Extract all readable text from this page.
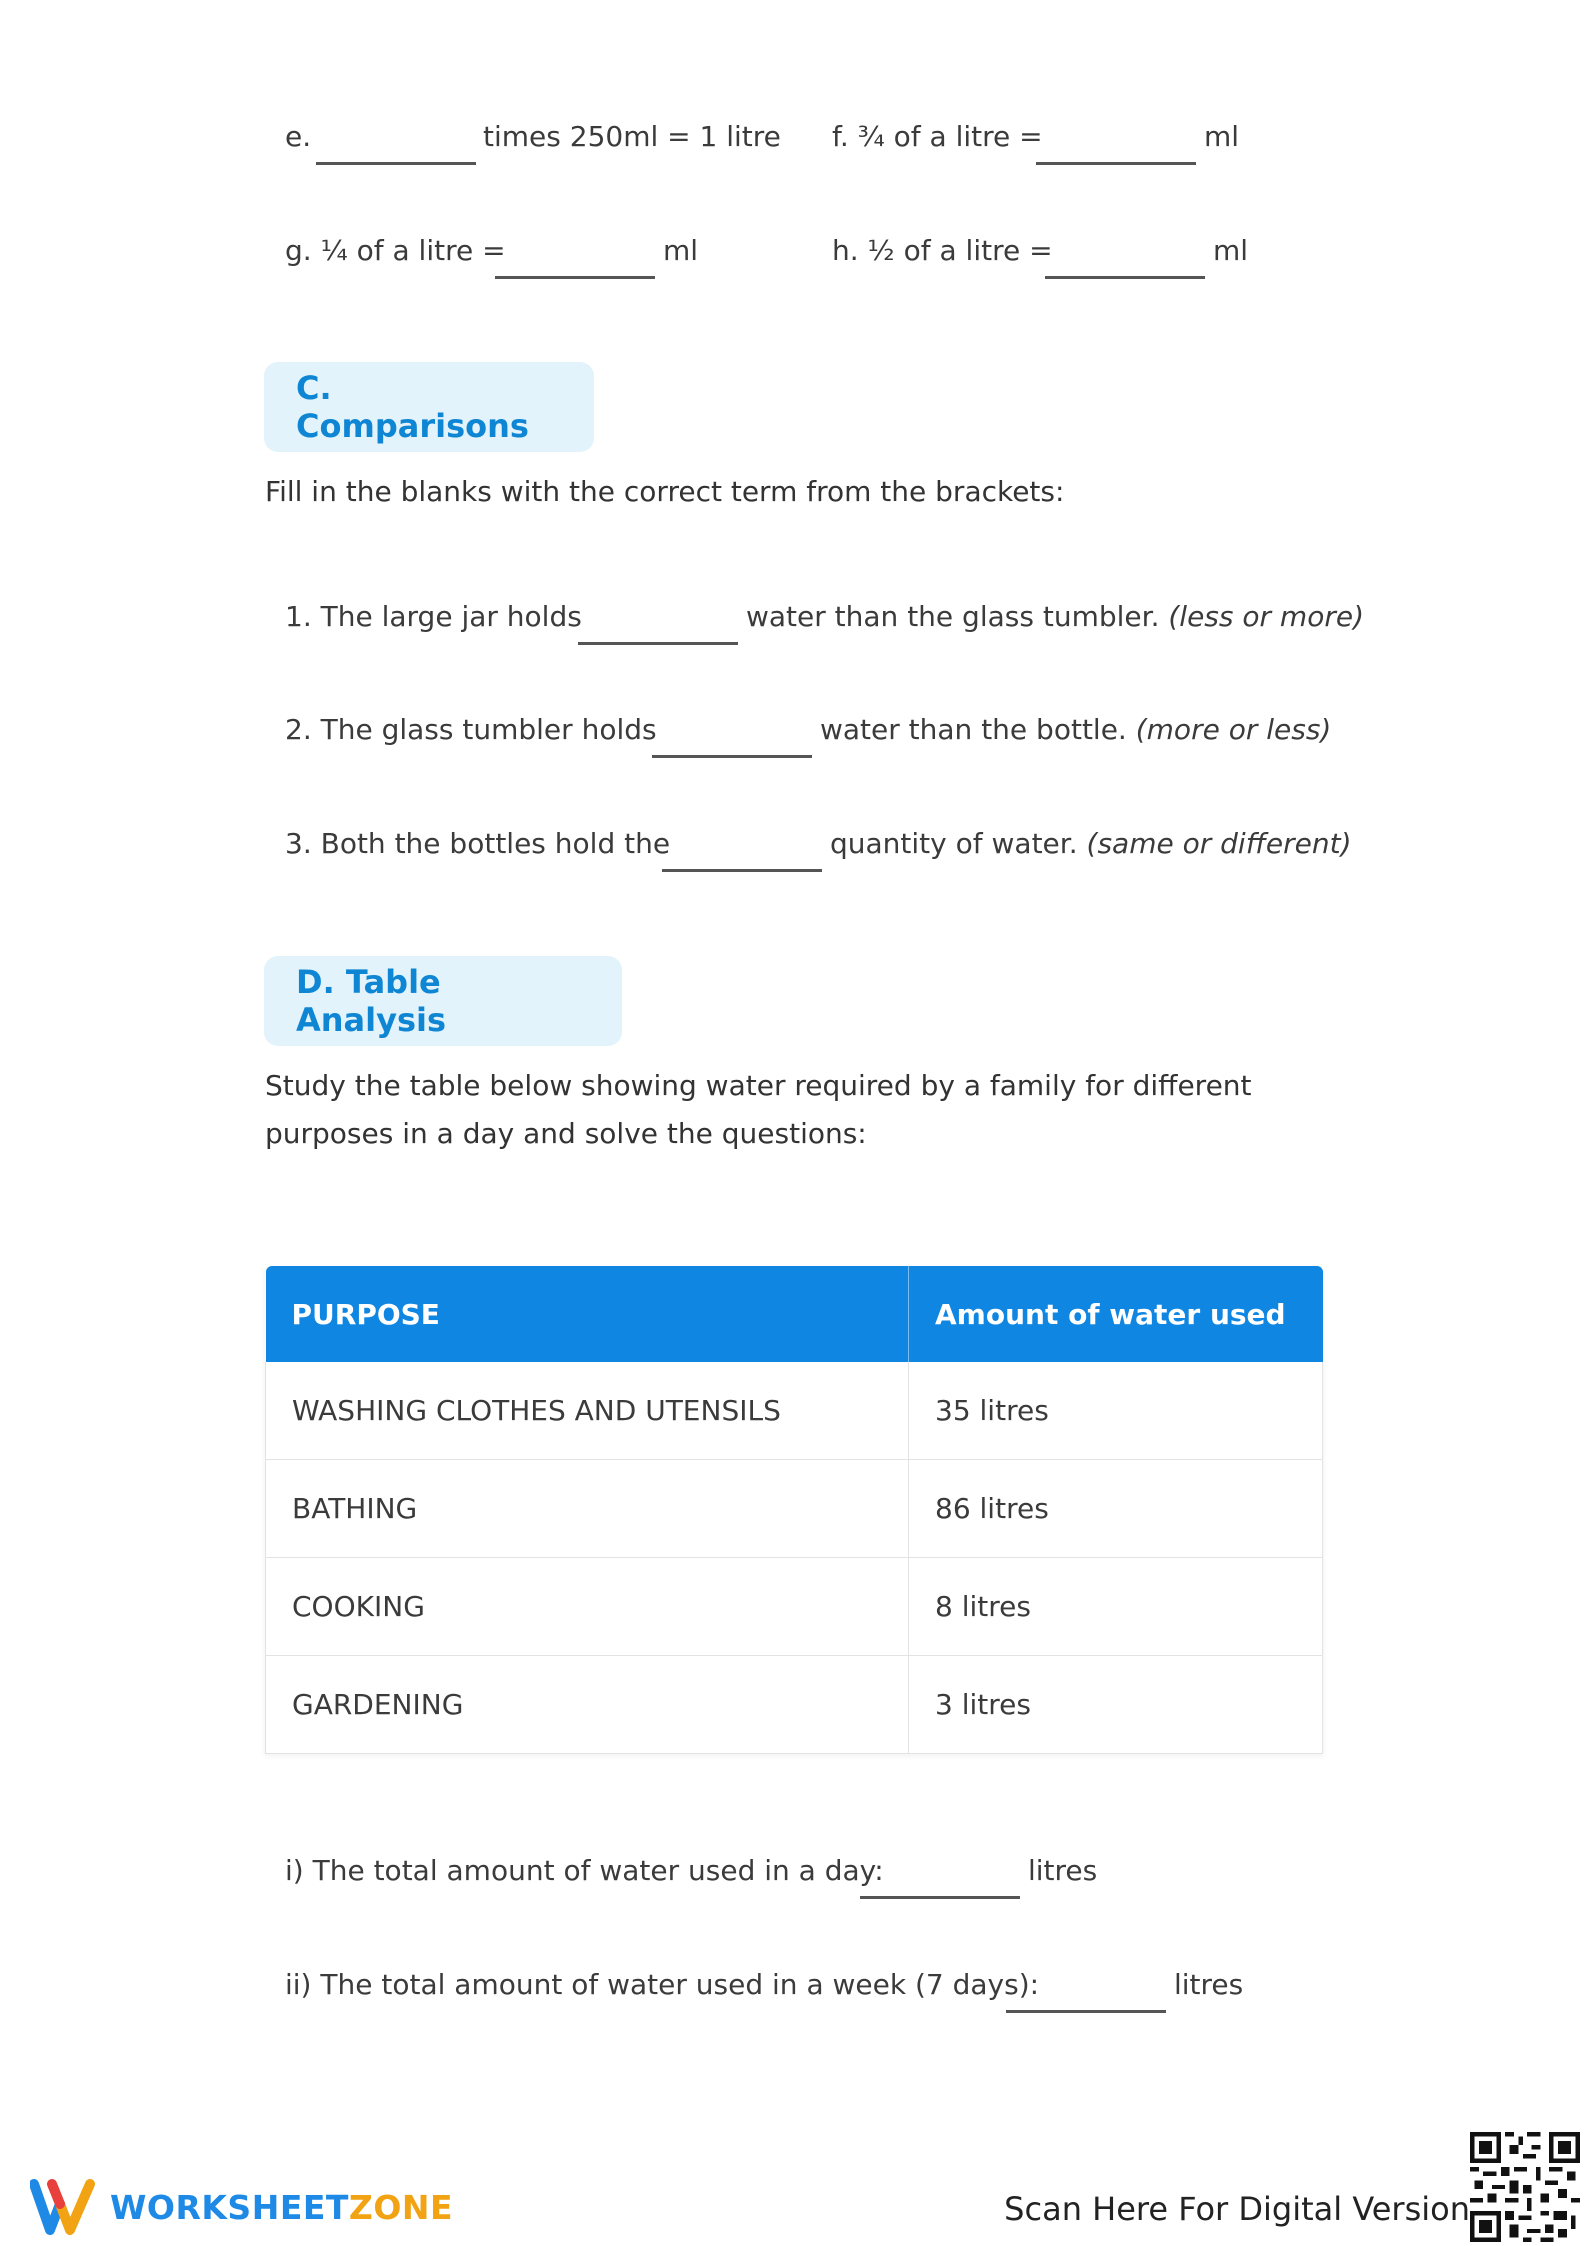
e.	times 250ml = 1 litre f. ¾ of a litre =	ml
g. ¼ of a litre =	ml	h. ½ of a litre =	ml
C. Comparisons
Fill in the blanks with the correct term from the brackets:
1. The large jar holds	water than the glass tumbler. (less or more)
2. The glass tumbler holds	water than the bottle. (more or less)
3. Both the bottles hold the	quantity of water. (same or different)
D. Table Analysis
Study the table below showing water required by a family for different
purposes in a day and solve the questions:
PURPOSE	Amount of water used
WASHING CLOTHES AND UTENSILS	35 litres
BATHING	86 litres
COOKING	8 litres
GARDENING	3 litres
i) The total amount of water used in a day:	litres
ii) The total amount of water used in a week (7 days):	litres
WORKSHEETZONE	Scan Here For Digital Version
